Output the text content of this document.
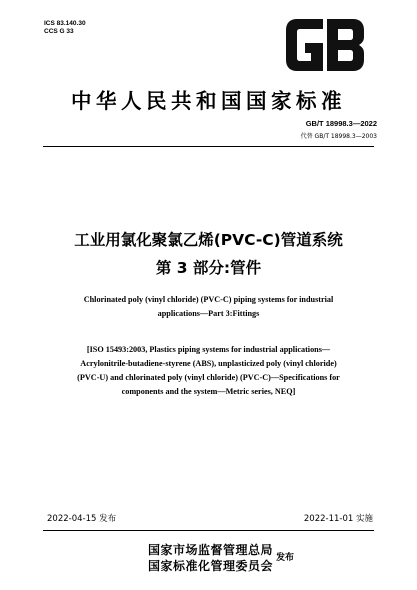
ICS 83.140.30
CCS G 33
中华人民共和国国家标准
GB/T 18998.3—2022
代替 GB/T 18998.3—2003
工业用氯化聚氯乙烯(PVC-C)管道系统
第 3 部分:管件
Chlorinated poly (vinyl chloride) (PVC-C) piping systems for industrial
applications—Part 3:Fittings
[ISO 15493:2003, Plastics piping systems for industrial applications—
Acrylonitrile-butadiene-styrene (ABS), unplasticized poly (vinyl chloride)
(PVC-U) and chlorinated poly (vinyl chloride) (PVC-C)—Specifications for
components and the system—Metric series, NEQ]
2022-04-15 发布	2022-11-01 实施
国家市场监督管理总局
国家标准化管理委员会
发布
